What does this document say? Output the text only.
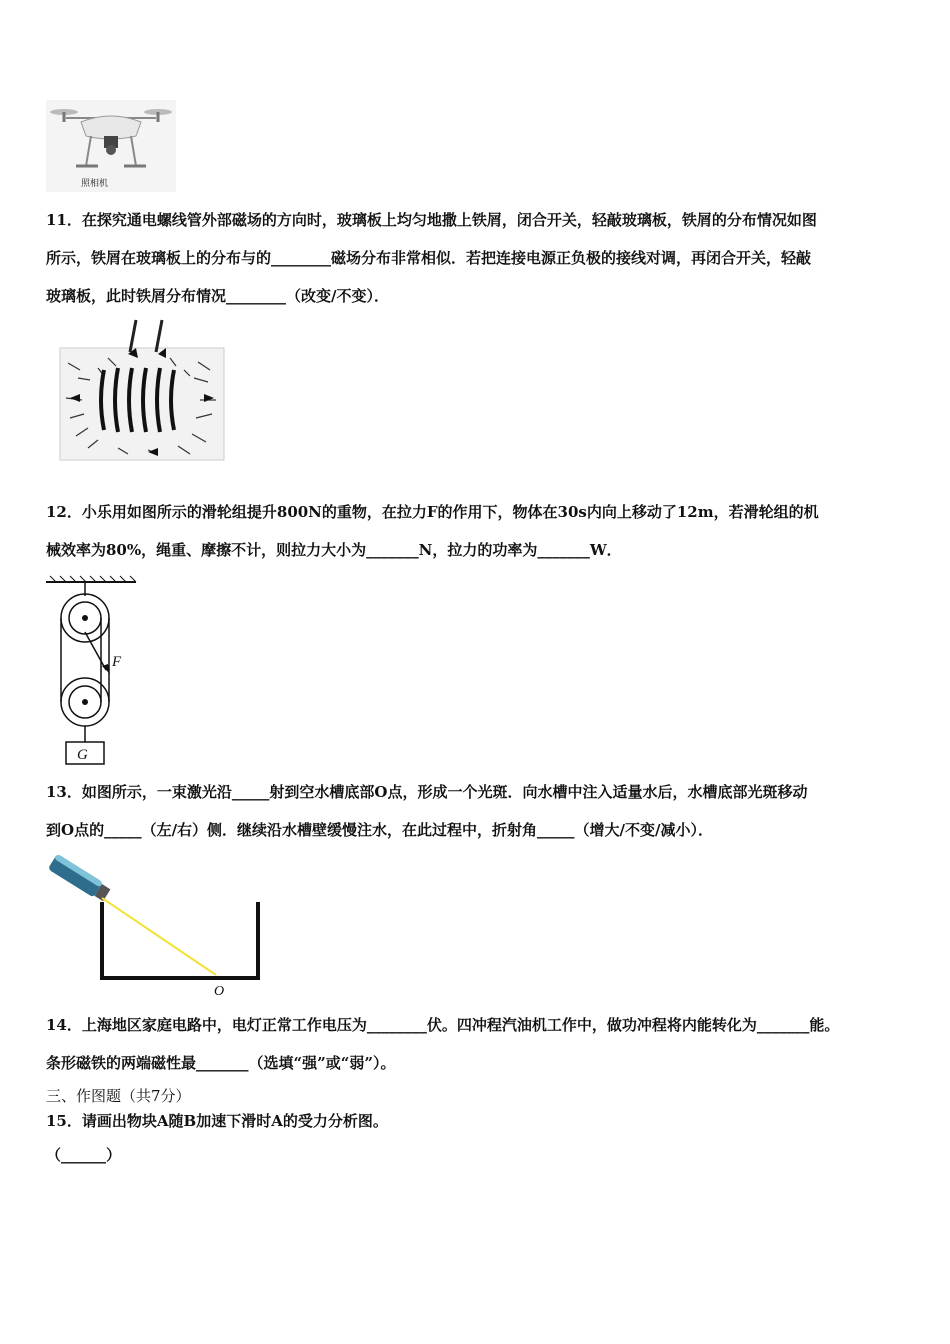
照相机
11．在探究通电螺线管外部磁场的方向时，玻璃板上均匀地撒上铁屑，闭合开关，轻敲玻璃板，铁屑的分布情况如图
所示，铁屑在玻璃板上的分布与的________磁场分布非常相似．若把连接电源正负极的接线对调，再闭合开关，轻敲
玻璃板，此时铁屑分布情况________（改变/不变）．
12．小乐用如图所示的滑轮组提升800N的重物，在拉力F的作用下，物体在30s内向上移动了12m，若滑轮组的机
械效率为80%，绳重、摩擦不计，则拉力大小为_______N，拉力的功率为_______W．
F
G
13．如图所示，一束激光沿_____射到空水槽底部O点，形成一个光斑．向水槽中注入适量水后，水槽底部光斑移动
到O点的_____（左/右）侧．继续沿水槽壁缓慢注水，在此过程中，折射角_____（增大/不变/减小）．
O
14．上海地区家庭电路中，电灯正常工作电压为________伏。四冲程汽油机工作中，做功冲程将内能转化为_______能。
条形磁铁的两端磁性最_______（选填“强”或“弱”）。
三、作图题（共7分）
15．请画出物块A随B加速下滑时A的受力分析图。
（______）
